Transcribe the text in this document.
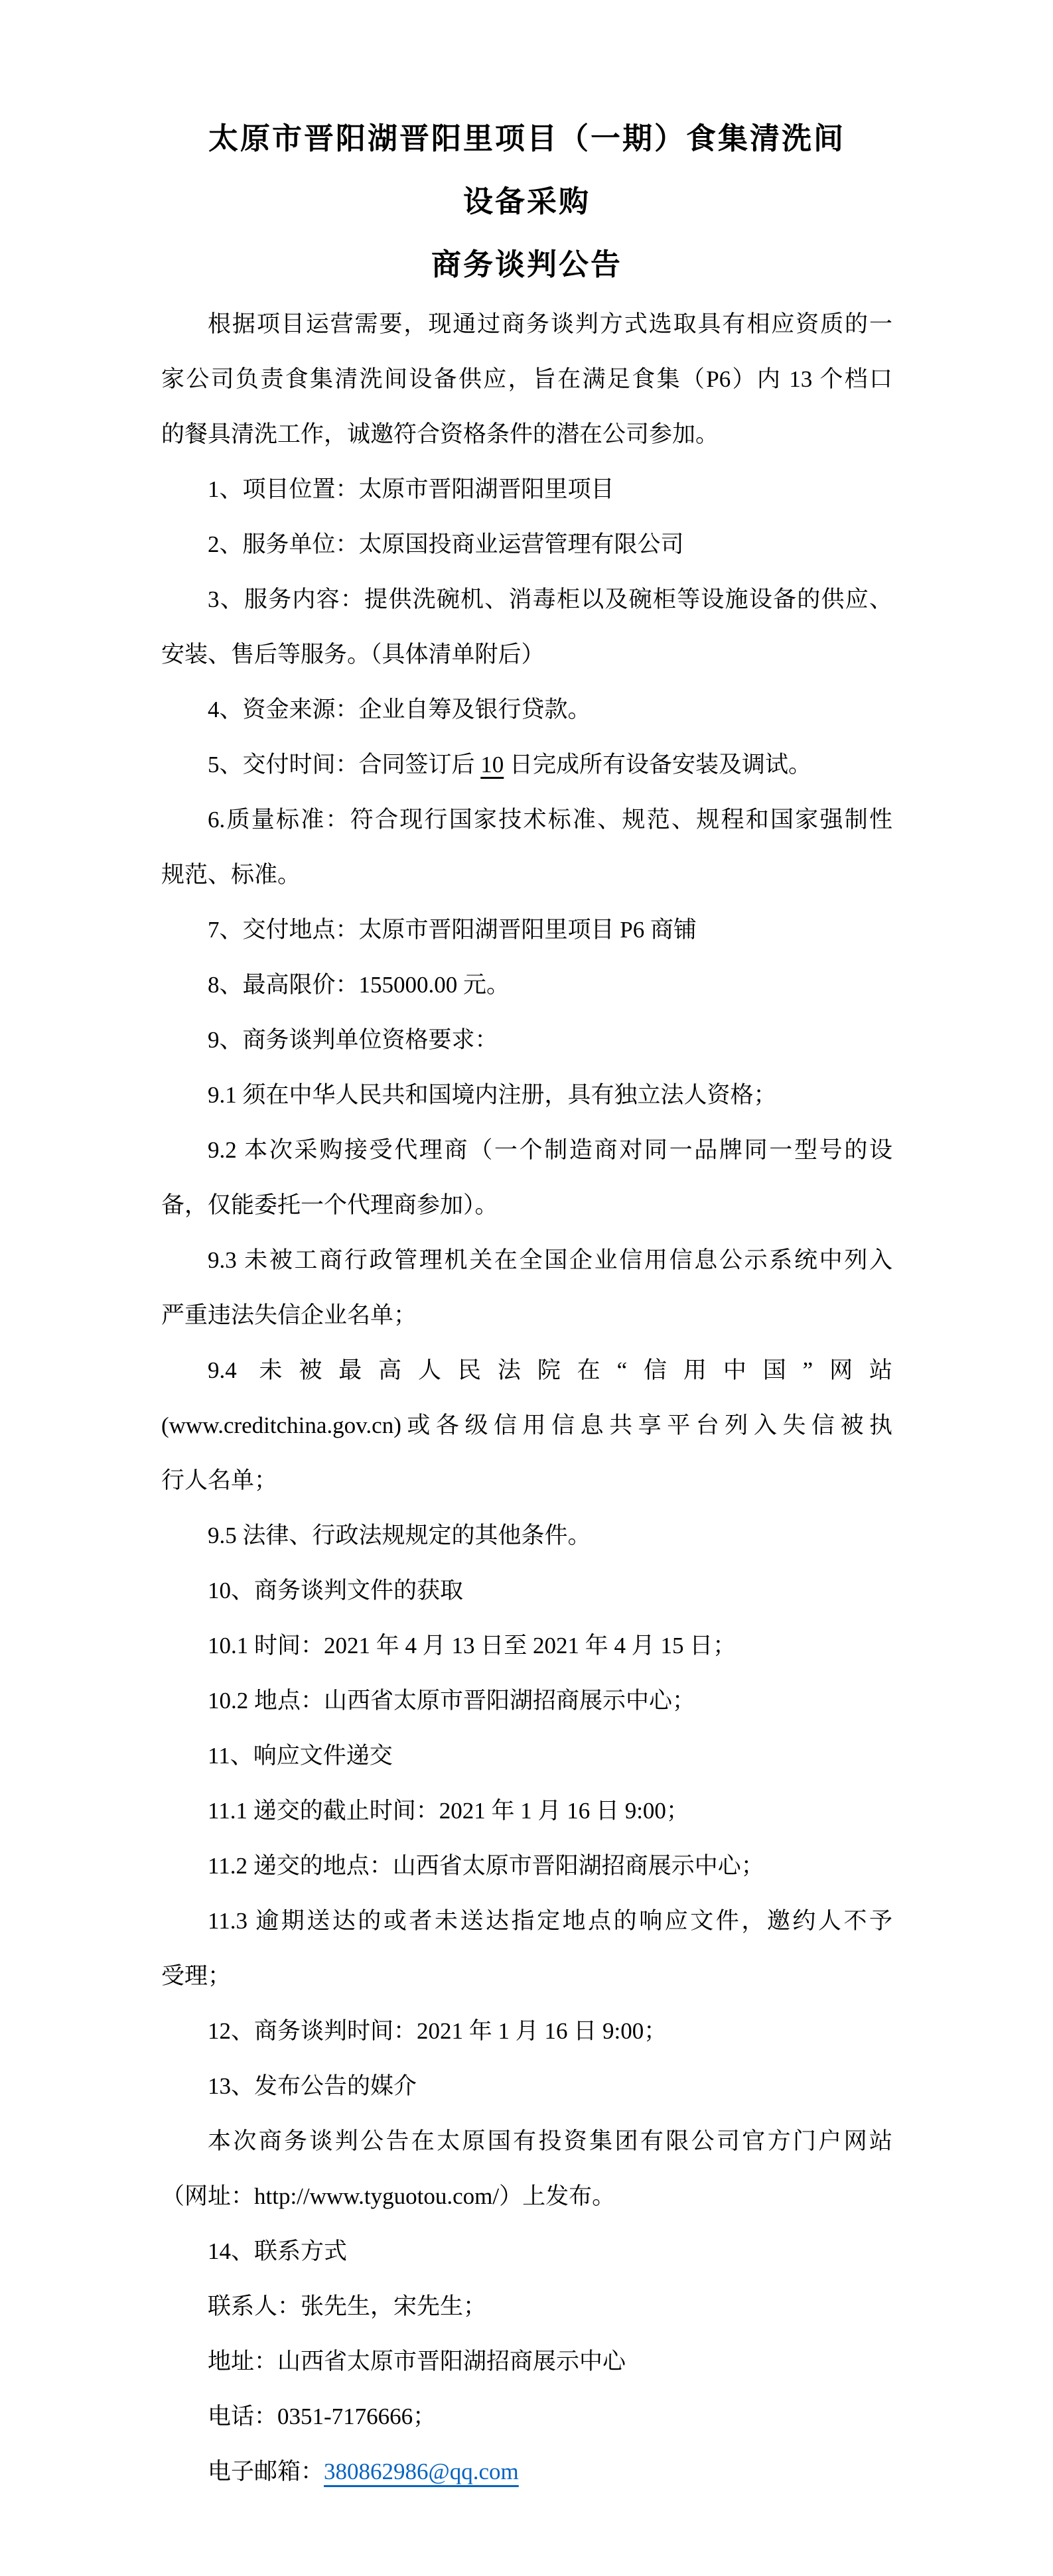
太原市晋阳湖晋阳里项目（一期）食集清洗间
设备采购
商务谈判公告
根据项目运营需要，现通过商务谈判方式选取具有相应资质的一
家公司负责食集清洗间设备供应，旨在满足食集（P6）内 13 个档口
的餐具清洗工作，诚邀符合资格条件的潜在公司参加。
1、项目位置：太原市晋阳湖晋阳里项目
2、服务单位：太原国投商业运营管理有限公司
3、服务内容：提供洗碗机、消毒柜以及碗柜等设施设备的供应、
安装、售后等服务。（具体清单附后）
4、资金来源：企业自筹及银行贷款。
5、交付时间：合同签订后 10 日完成所有设备安装及调试。
6.质量标准：符合现行国家技术标准、规范、规程和国家强制性
规范、标准。
7、交付地点：太原市晋阳湖晋阳里项目 P6 商铺
8、最高限价：155000.00 元。
9、商务谈判单位资格要求：
9.1 须在中华人民共和国境内注册，具有独立法人资格；
9.2 本次采购接受代理商（一个制造商对同一品牌同一型号的设
备，仅能委托一个代理商参加）。
9.3 未被工商行政管理机关在全国企业信用信息公示系统中列入
严重违法失信企业名单；
9.4 未被最高人民法院在“信用中国”网站
(www.creditchina.gov.cn)或各级信用信息共享平台列入失信被执
行人名单；
9.5 法律、行政法规规定的其他条件。
10、商务谈判文件的获取
10.1 时间：2021 年 4 月 13 日至 2021 年 4 月 15 日；
10.2 地点：山西省太原市晋阳湖招商展示中心；
11、响应文件递交
11.1 递交的截止时间：2021 年 1 月 16 日 9:00；
11.2 递交的地点：山西省太原市晋阳湖招商展示中心；
11.3 逾期送达的或者未送达指定地点的响应文件，邀约人不予
受理；
12、商务谈判时间：2021 年 1 月 16 日 9:00；
13、发布公告的媒介
本次商务谈判公告在太原国有投资集团有限公司官方门户网站
（网址：http://www.tyguotou.com/）上发布。
14、联系方式
联系人：张先生，宋先生；
地址：山西省太原市晋阳湖招商展示中心
电话：0351-7176666；
电子邮箱：380862986@qq.com
